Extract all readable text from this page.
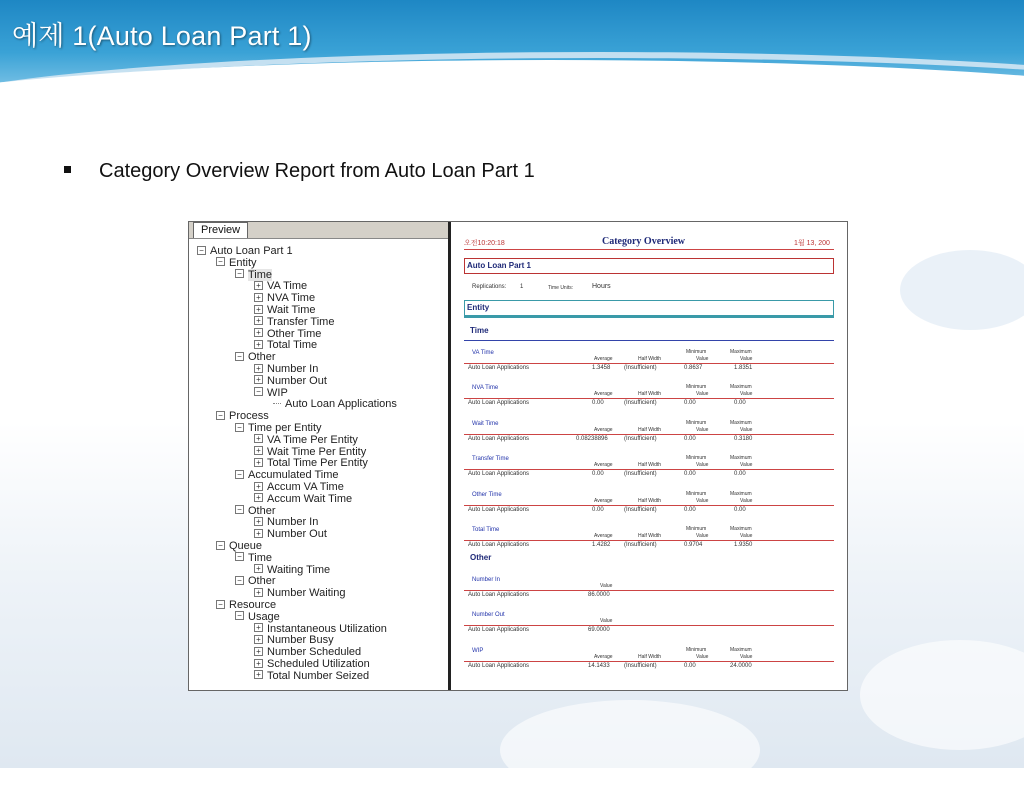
예제 1(Auto Loan Part 1)
Category Overview Report from Auto Loan Part 1
Preview
− Auto Loan Part 1
− Entity
− Time
+ VA Time
+ NVA Time
+ Wait Time
+ Transfer Time
+ Other Time
+ Total Time
− Other
+ Number In
+ Number Out
− WIP
Auto Loan Applications
− Process
− Time per Entity
+ VA Time Per Entity
+ Wait Time Per Entity
+ Total Time Per Entity
− Accumulated Time
+ Accum VA Time
+ Accum Wait Time
− Other
+ Number In
+ Number Out
− Queue
− Time
+ Waiting Time
− Other
+ Number Waiting
− Resource
− Usage
+ Instantaneous Utilization
+ Number Busy
+ Number Scheduled
+ Scheduled Utilization
+ Total Number Seized
오전10:20:18	Category Overview	1월 13, 200
Auto Loan Part 1
Replications: 1	Time Units:	Hours
Entity
Time
Other
VA Time	Minimum	Maximum
Average	Half Width	Value	Value
Auto Loan Applications	1.3458 (Insufficient)	0.8637	1.8351
NVA Time	Minimum	Maximum
Average	Half Width	Value	Value
Auto Loan Applications	0.00	(Insufficient)	0.00	0.00
Wait Time	Minimum	Maximum
Average	Half Width	Value	Value
Auto Loan Applications	0.08238896	(Insufficient)	0.00	0.3180
Transfer Time	Minimum	Maximum
Average	Half Width	Value	Value
Auto Loan Applications	0.00	(Insufficient)	0.00	0.00
Other Time	Minimum	Maximum
Average	Half Width	Value	Value
Auto Loan Applications	0.00	(Insufficient)	0.00	0.00
Total Time	Minimum	Maximum
Average	Half Width	Value	Value
Auto Loan Applications	1.4282 (Insufficient)	0.9704	1.9350
Number In
Value
Auto Loan Applications	86.0000
Number Out
Value
Auto Loan Applications	69.0000
WIP	Minimum	Maximum
Average	Half Width	Value	Value
Auto Loan Applications	14.1433 (Insufficient)	0.00	24.0000
